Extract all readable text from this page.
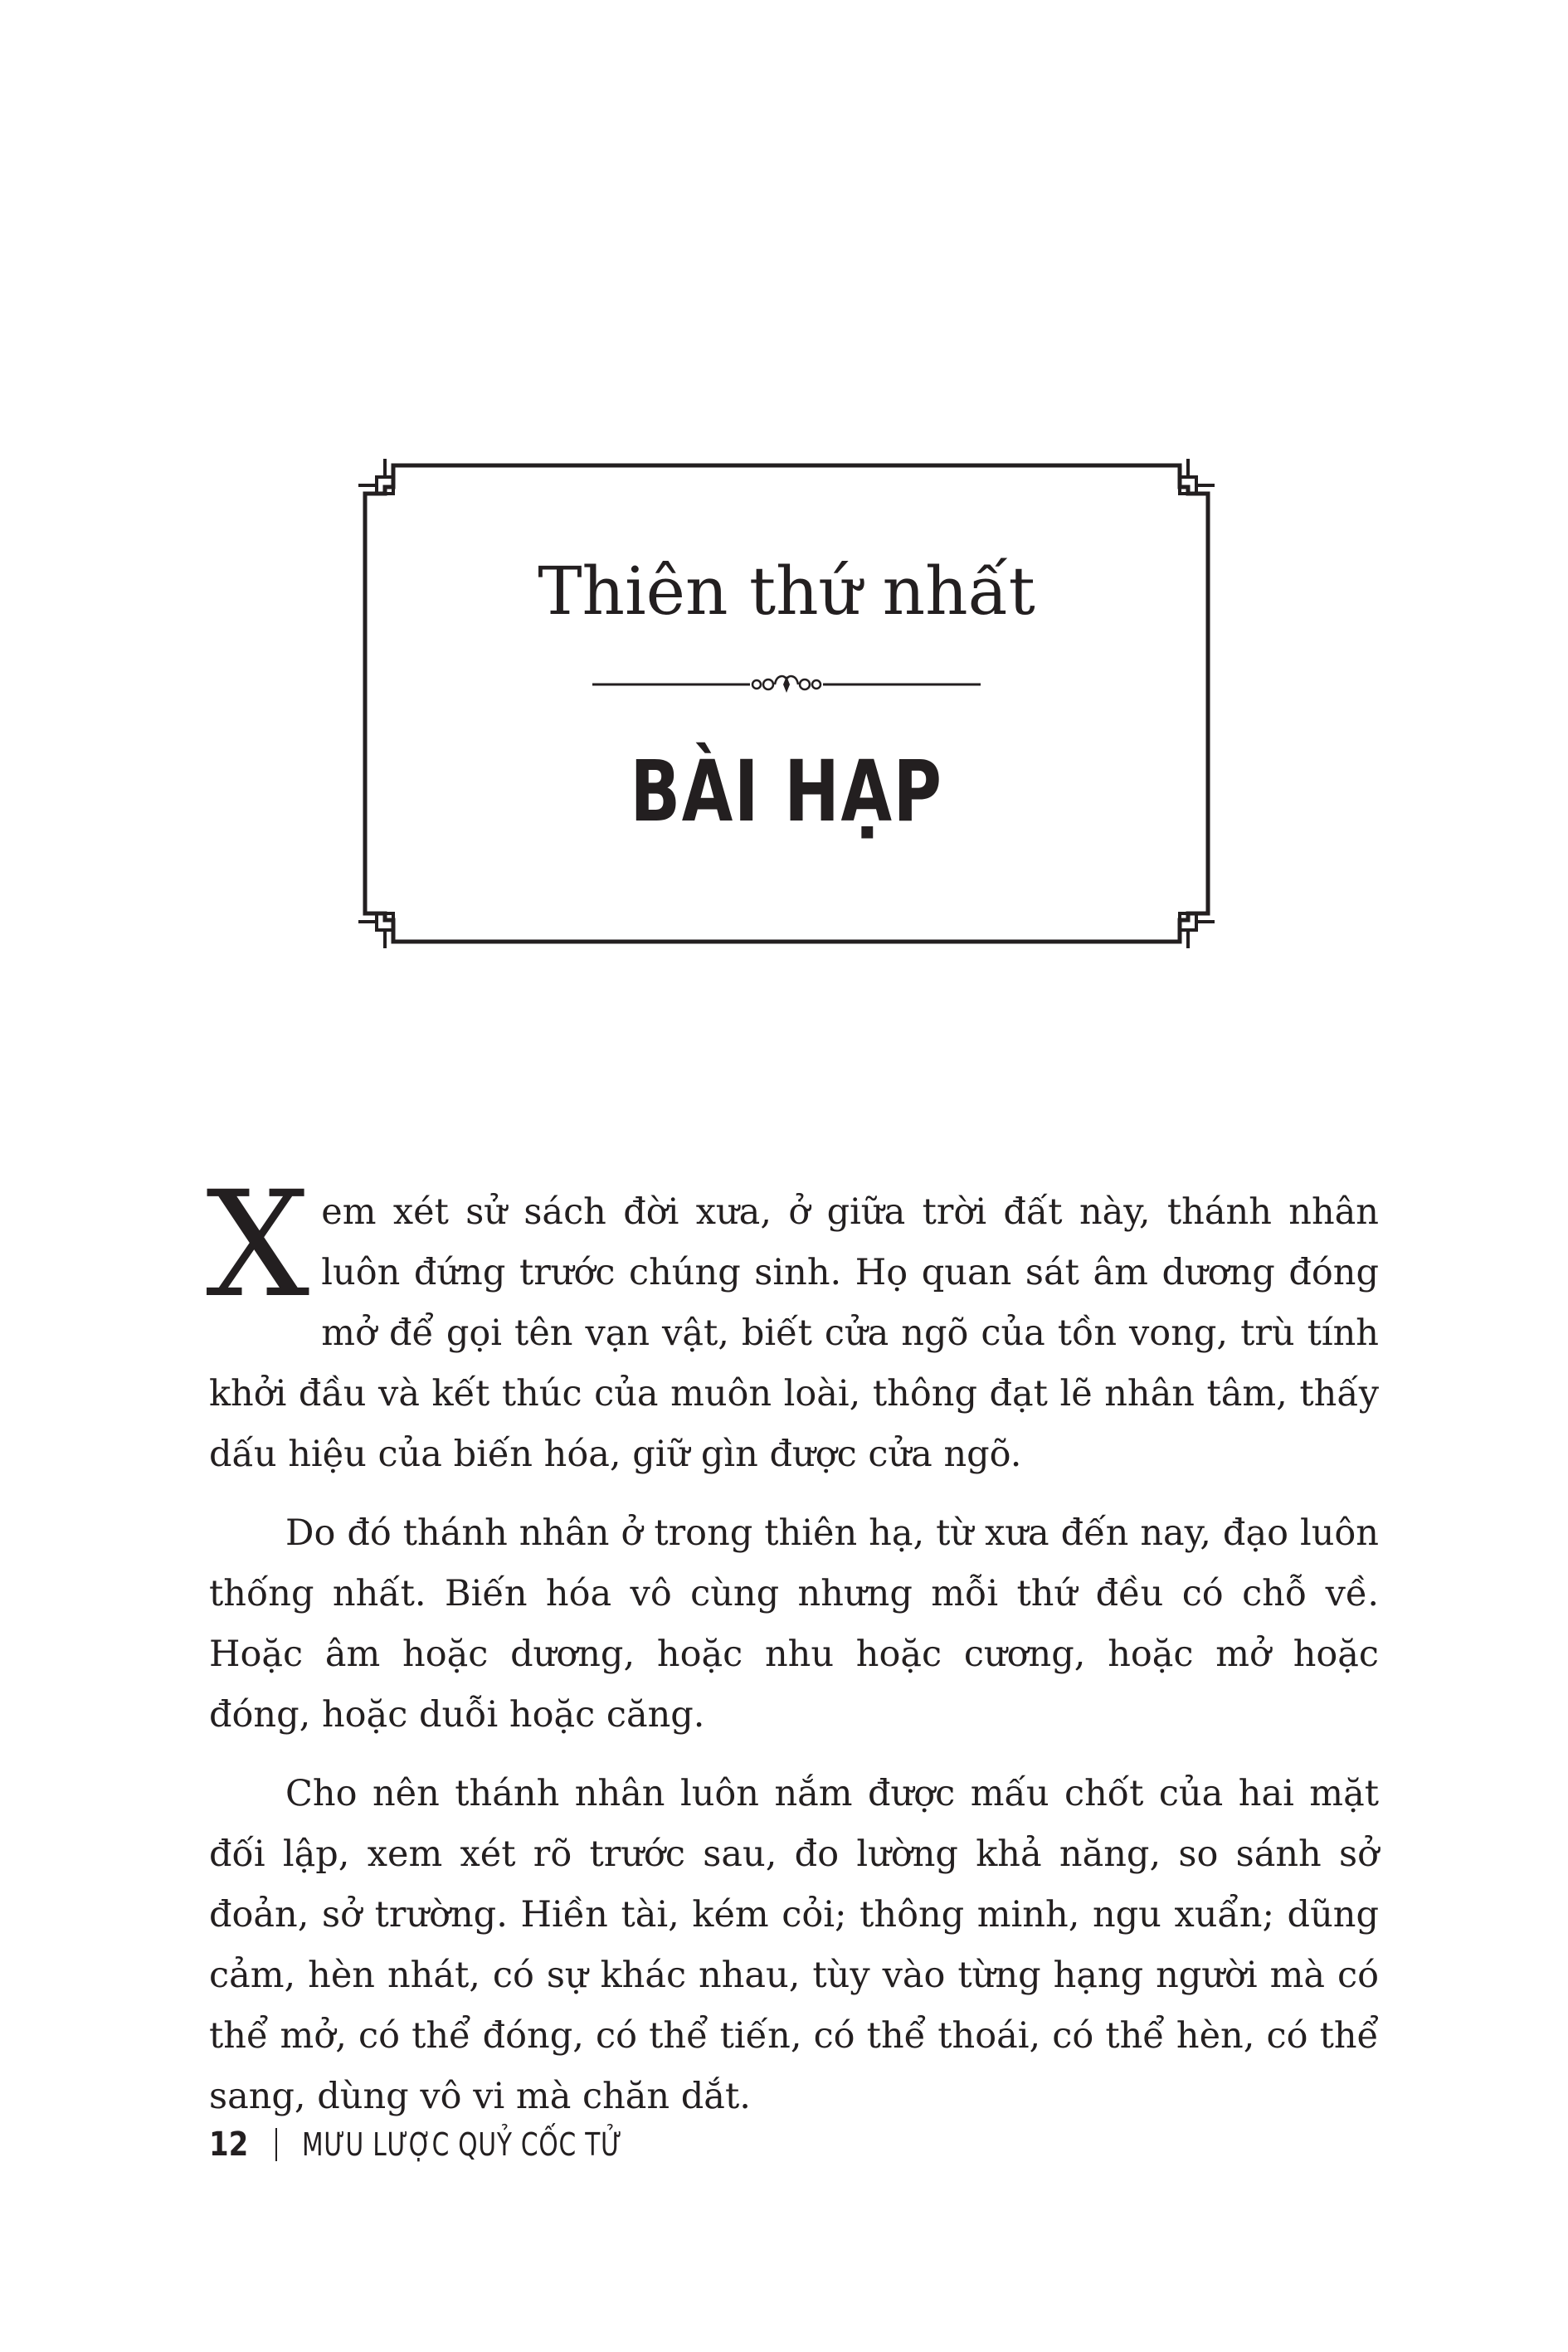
Thiên thứ nhất
BÀI HẠP

Xem xét sử sách đời xưa, ở giữa trời đất này, thánh nhân luôn đứng trước chúng sinh. Họ quan sát âm dương đóng mở để gọi tên vạn vật, biết cửa ngõ của tồn vong, trù tính khởi đầu và kết thúc của muôn loài, thông đạt lẽ nhân tâm, thấy dấu hiệu của biến hóa, giữ gìn được cửa ngõ.

Do đó thánh nhân ở trong thiên hạ, từ xưa đến nay, đạo luôn thống nhất. Biến hóa vô cùng nhưng mỗi thứ đều có chỗ về. Hoặc âm hoặc dương, hoặc nhu hoặc cương, hoặc mở hoặc đóng, hoặc duỗi hoặc căng.

Cho nên thánh nhân luôn nắm được mấu chốt của hai mặt đối lập, xem xét rõ trước sau, đo lường khả năng, so sánh sở đoản, sở trường. Hiền tài, kém cỏi; thông minh, ngu xuẩn; dũng cảm, hèn nhát, có sự khác nhau, tùy vào từng hạng người mà có thể mở, có thể đóng, có thể tiến, có thể thoái, có thể hèn, có thể sang, dùng vô vi mà chăn dắt.

12 MƯU LƯỢC QUỶ CỐC TỬ
